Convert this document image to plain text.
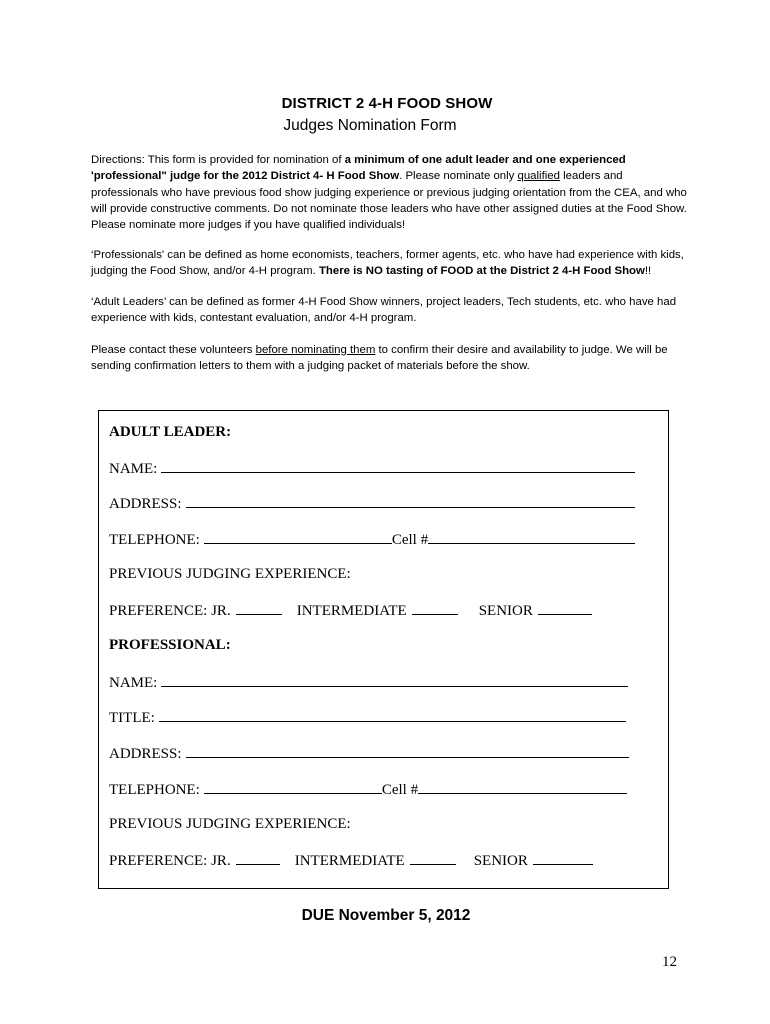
DISTRICT 2 4-H FOOD SHOW
Judges Nomination Form

Directions: This form is provided for nomination of a minimum of one adult leader and one experienced 'professional" judge for the 2012 District 4- H Food Show. Please nominate only qualified leaders and professionals who have previous food show judging experience or previous judging orientation from the CEA, and who will provide constructive comments. Do not nominate those leaders who have other assigned duties at the Food Show. Please nominate more judges if you have qualified individuals!

‘Professionals' can be defined as home economists, teachers, former agents, etc. who have had experience with kids, judging the Food Show, and/or 4-H program. There is NO tasting of FOOD at the District 2 4-H Food Show!!

‘Adult Leaders’ can be defined as former 4-H Food Show winners, project leaders, Tech students, etc. who have had experience with kids, contestant evaluation, and/or 4-H program.

Please contact these volunteers before nominating them to confirm their desire and availability to judge. We will be sending confirmation letters to them with a judging packet of materials before the show.

ADULT LEADER:
NAME:
ADDRESS:
TELEPHONE:	Cell #
PREVIOUS JUDGING EXPERIENCE:
PREFERENCE: JR.	INTERMEDIATE	SENIOR
PROFESSIONAL:
NAME:
TITLE:
ADDRESS:
TELEPHONE:	Cell #
PREVIOUS JUDGING EXPERIENCE:
PREFERENCE: JR.	INTERMEDIATE	SENIOR
DUE November 5, 2012
12
